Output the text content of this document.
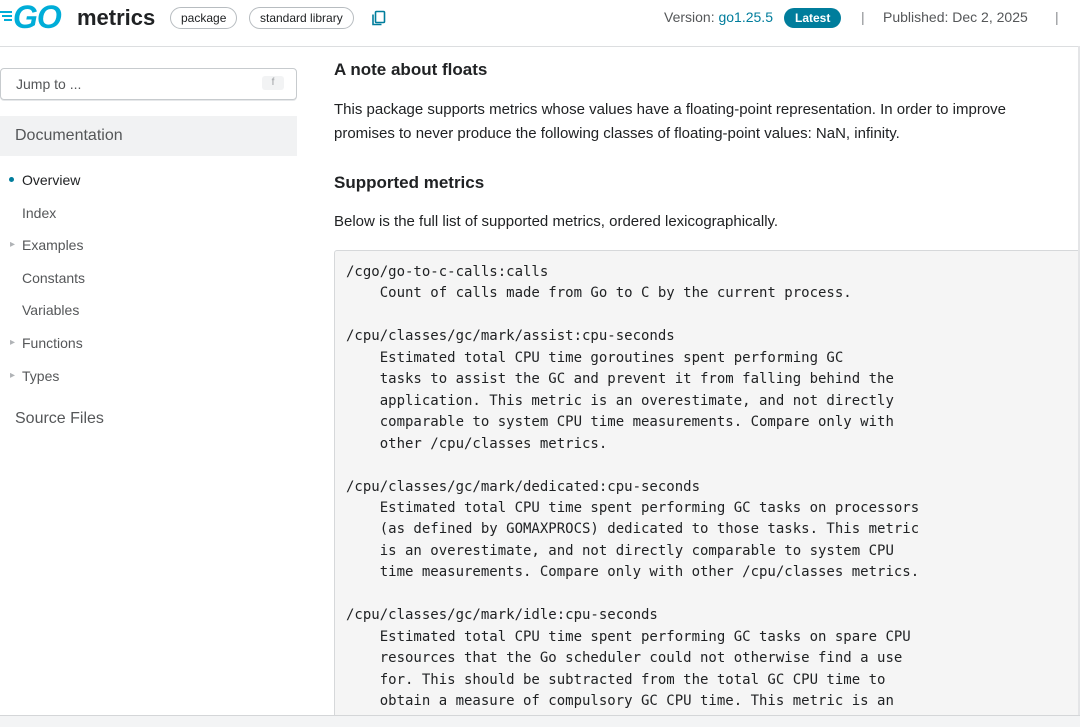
GO metrics	package	standard library	Version: go1.25.5	Latest	| Published: Dec 2, 2025 |
Jump to ...	f
Documentation
Overview
Index
▸ Examples
Constants
Variables
▸ Functions
▸ Types
Source Files
A note about floats
This package supports metrics whose values have a floating-point representation. In order to improve
promises to never produce the following classes of floating-point values: NaN, infinity.
Supported metrics
Below is the full list of supported metrics, ordered lexicographically.
/cgo/go-to-c-calls:calls
Count of calls made from Go to C by the current process.

/cpu/classes/gc/mark/assist:cpu-seconds
Estimated total CPU time goroutines spent performing GC
tasks to assist the GC and prevent it from falling behind the
application. This metric is an overestimate, and not directly
comparable to system CPU time measurements. Compare only with
other /cpu/classes metrics.

/cpu/classes/gc/mark/dedicated:cpu-seconds
Estimated total CPU time spent performing GC tasks on processors
(as defined by GOMAXPROCS) dedicated to those tasks. This metric
is an overestimate, and not directly comparable to system CPU
time measurements. Compare only with other /cpu/classes metrics.

/cpu/classes/gc/mark/idle:cpu-seconds
Estimated total CPU time spent performing GC tasks on spare CPU
resources that the Go scheduler could not otherwise find a use
for. This should be subtracted from the total GC CPU time to
obtain a measure of compulsory GC CPU time. This metric is an
